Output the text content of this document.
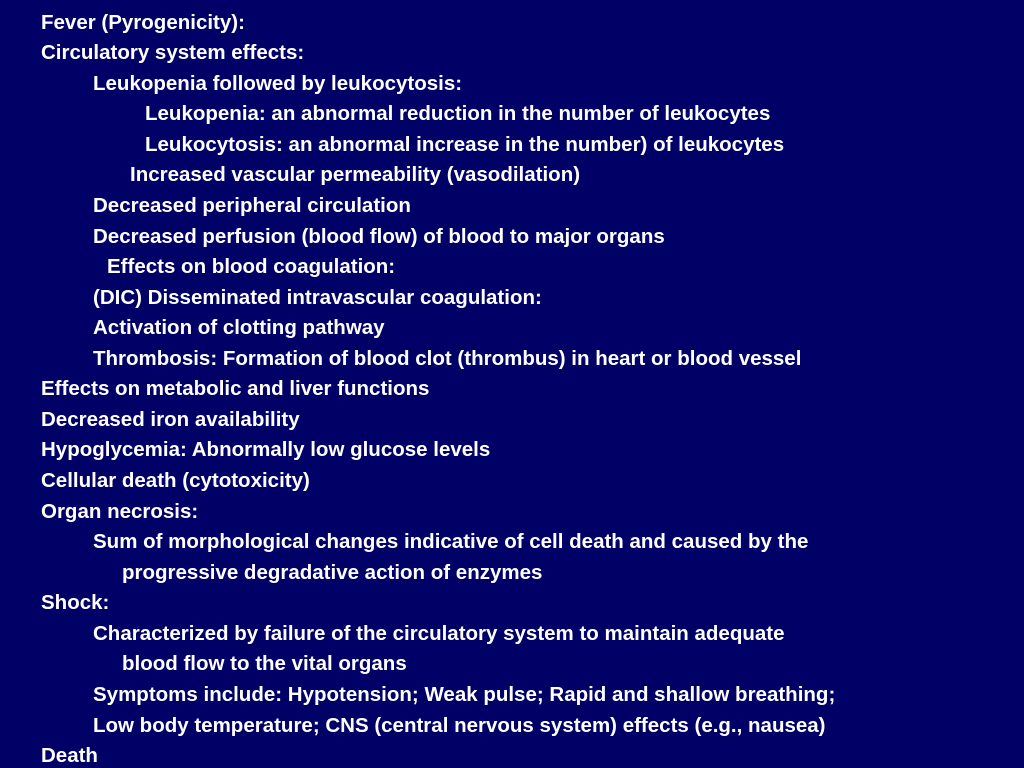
Fever (Pyrogenicity):
Circulatory system effects:
Leukopenia followed by leukocytosis:
Leukopenia: an abnormal reduction in the number of leukocytes
Leukocytosis: an abnormal increase in the number) of leukocytes
Increased vascular permeability (vasodilation)
Decreased peripheral circulation
Decreased perfusion (blood flow) of blood to major organs
Effects on blood coagulation:
(DIC) Disseminated intravascular coagulation:
Activation of clotting pathway
Thrombosis: Formation of blood clot (thrombus) in heart or blood vessel
Effects on metabolic and liver functions
Decreased iron availability
Hypoglycemia: Abnormally low glucose levels
Cellular death (cytotoxicity)
Organ necrosis:
Sum of morphological changes indicative of cell death and caused by the
progressive degradative action of enzymes
Shock:
Characterized by failure of the circulatory system to maintain adequate
blood flow to the vital organs
Symptoms include: Hypotension; Weak pulse; Rapid and shallow breathing;
Low body temperature; CNS (central nervous system) effects (e.g., nausea)
Death
